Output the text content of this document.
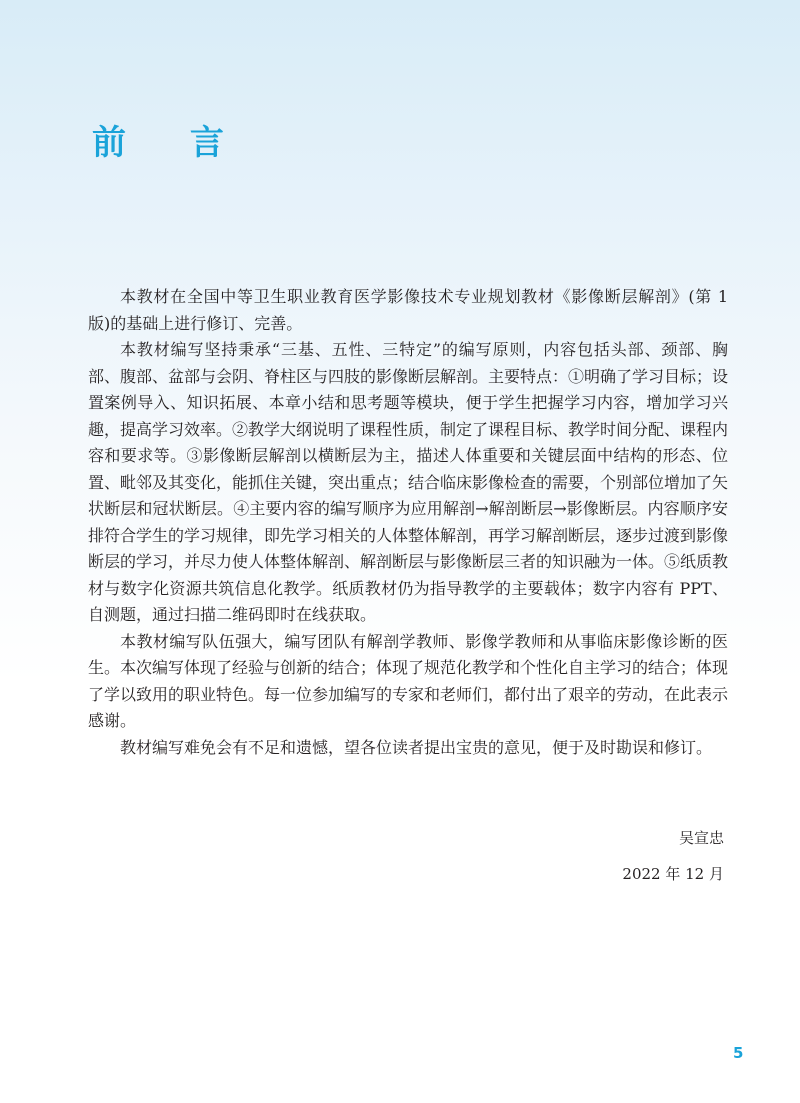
前 言

本教材在全国中等卫生职业教育医学影像技术专业规划教材《影像断层解剖》(第 1 版)的基础上进行修订、完善。

本教材编写坚持秉承“三基、五性、三特定”的编写原则，内容包括头部、颈部、胸部、腹部、盆部与会阴、脊柱区与四肢的影像断层解剖。主要特点：①明确了学习目标；设置案例导入、知识拓展、本章小结和思考题等模块，便于学生把握学习内容，增加学习兴趣，提高学习效率。②教学大纲说明了课程性质，制定了课程目标、教学时间分配、课程内容和要求等。③影像断层解剖以横断层为主，描述人体重要和关键层面中结构的形态、位置、毗邻及其变化，能抓住关键，突出重点；结合临床影像检查的需要，个别部位增加了矢状断层和冠状断层。④主要内容的编写顺序为应用解剖→解剖断层→影像断层。内容顺序安排符合学生的学习规律，即先学习相关的人体整体解剖，再学习解剖断层，逐步过渡到影像断层的学习，并尽力使人体整体解剖、解剖断层与影像断层三者的知识融为一体。⑤纸质教材与数字化资源共筑信息化教学。纸质教材仍为指导教学的主要载体；数字内容有 PPT、自测题，通过扫描二维码即时在线获取。

本教材编写队伍强大，编写团队有解剖学教师、影像学教师和从事临床影像诊断的医生。本次编写体现了经验与创新的结合；体现了规范化教学和个性化自主学习的结合；体现了学以致用的职业特色。每一位参加编写的专家和老师们，都付出了艰辛的劳动，在此表示感谢。

教材编写难免会有不足和遗憾，望各位读者提出宝贵的意见，便于及时勘误和修订。

吴宣忠
2022 年 12 月
5
